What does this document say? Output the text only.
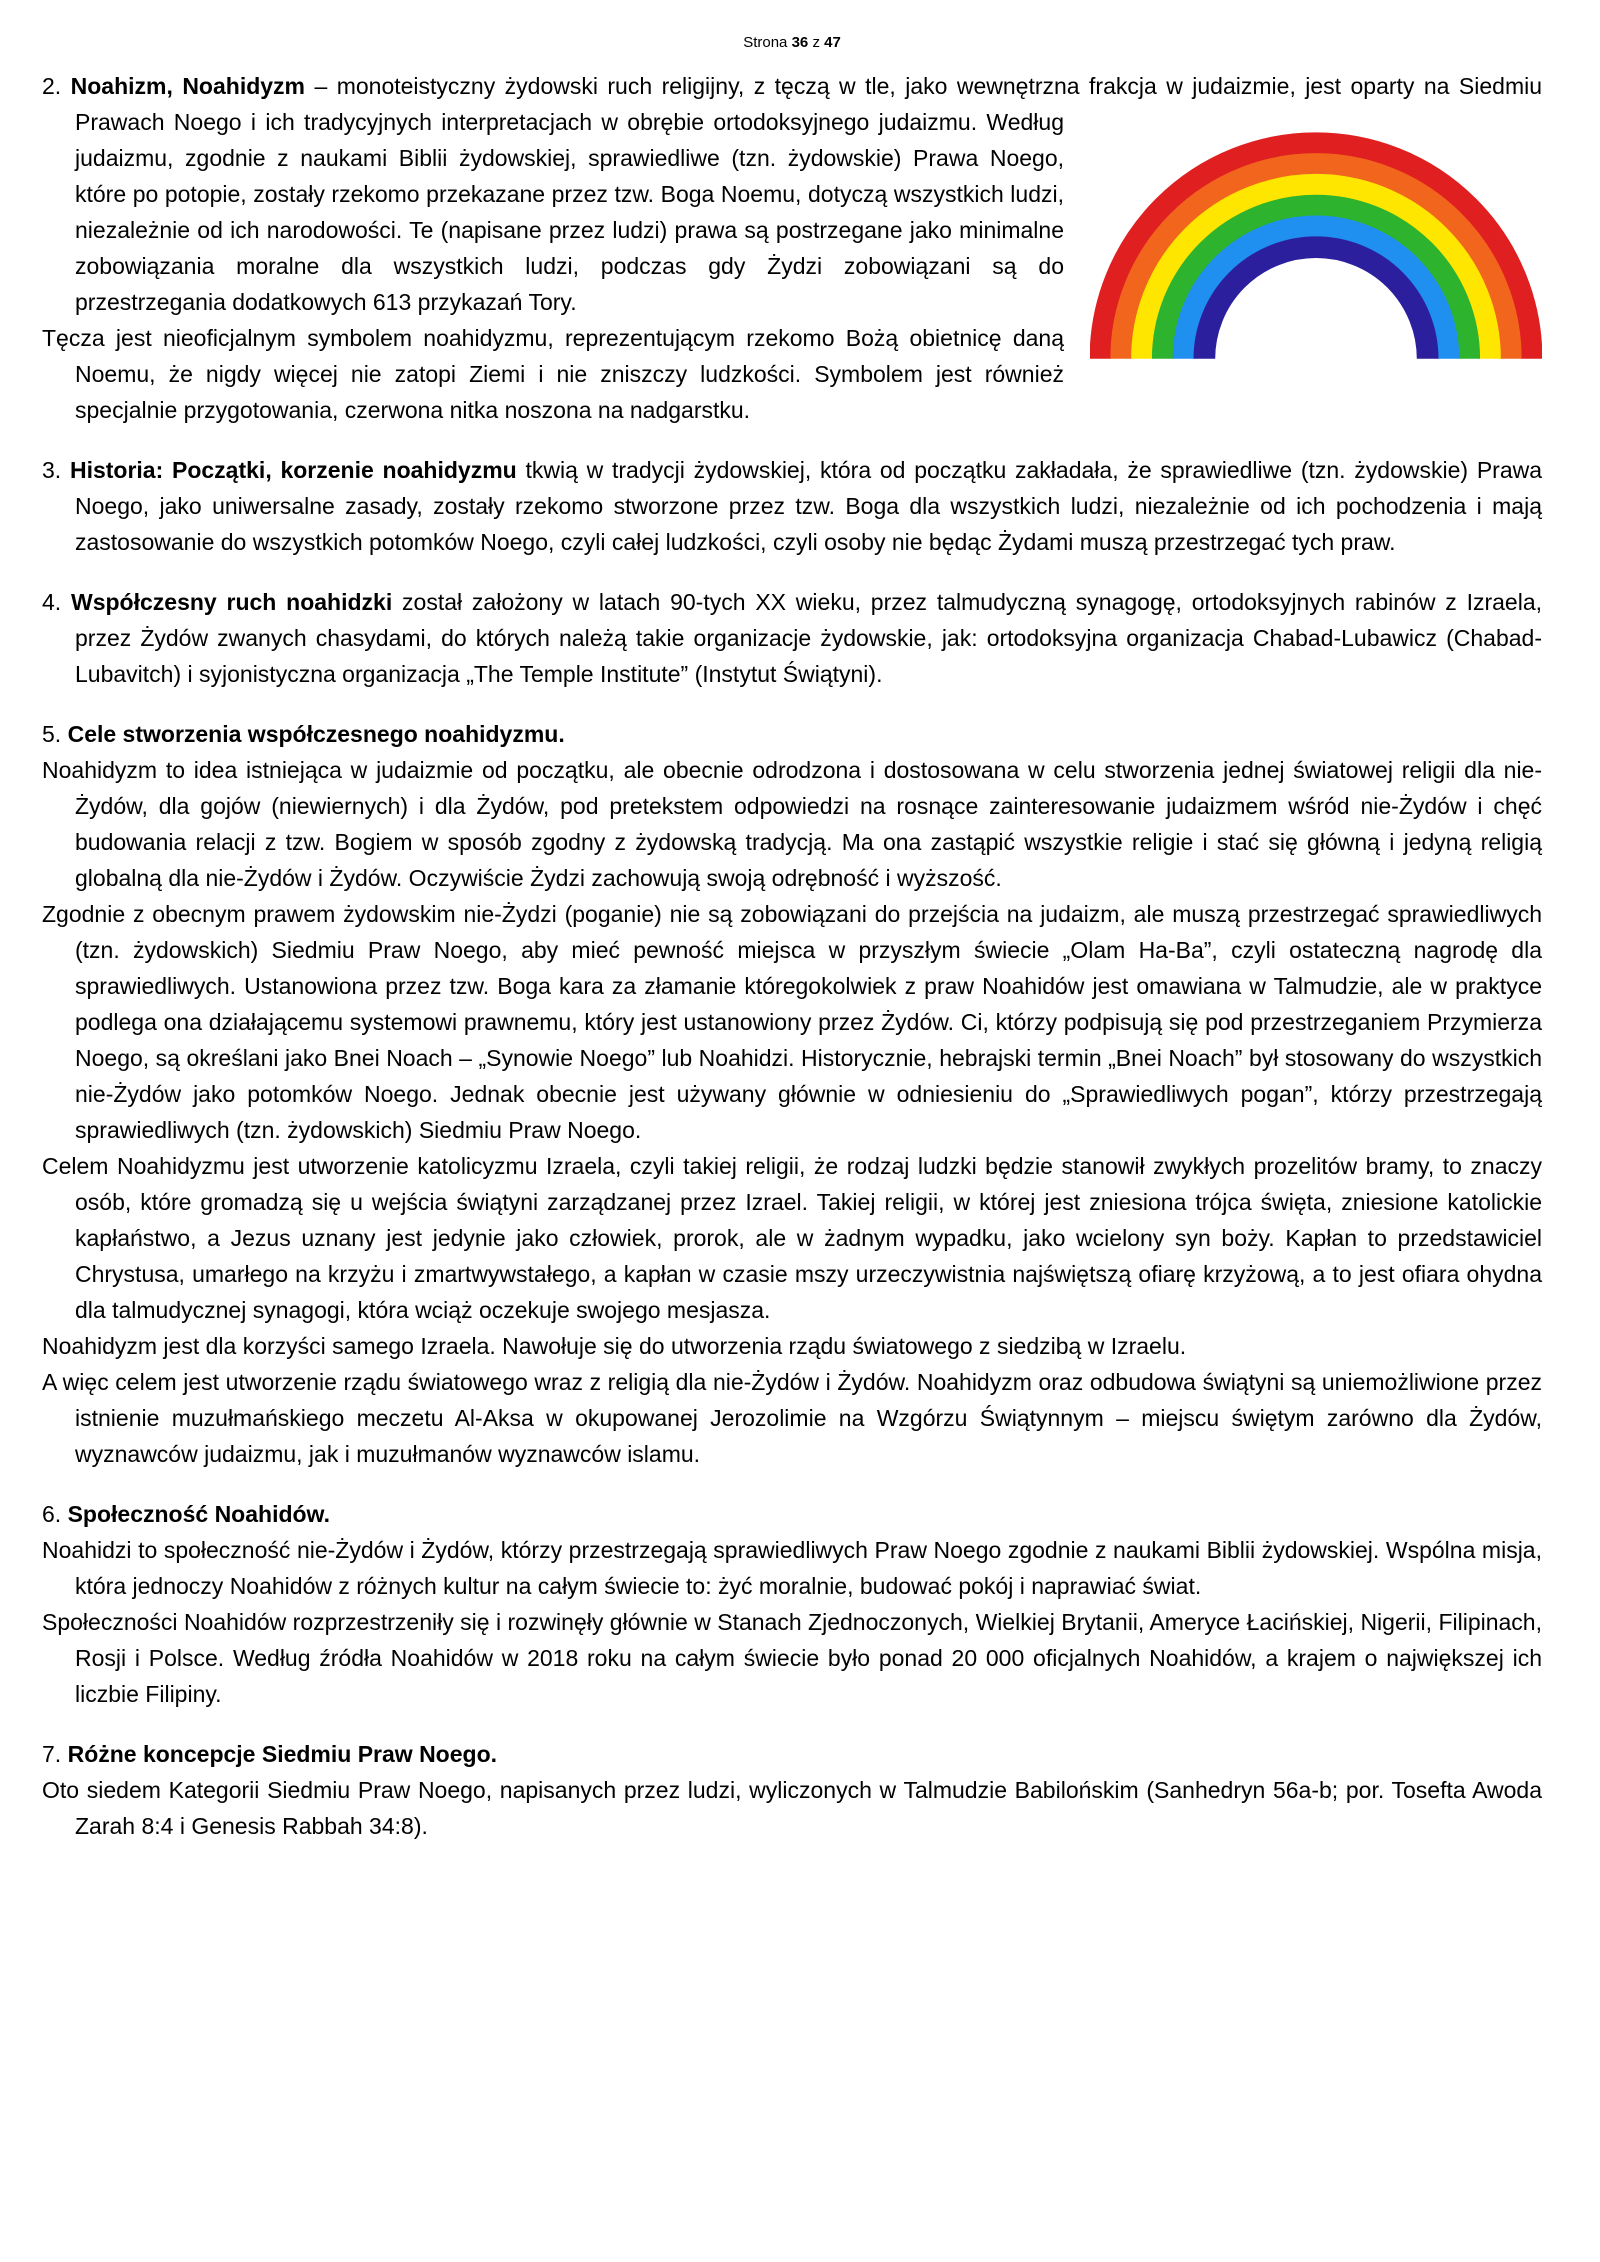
Strona 36 z 47
2. Noahizm, Noahidyzm – monoteistyczny żydowski ruch religijny, z tęczą w tle, jako wewnętrzna frakcja w judaizmie, jest oparty na Siedmiu Prawach Noego i ich tradycyjnych interpretacjach w obrębie ortodoksyjnego judaizmu. Według judaizmu, zgodnie z naukami Biblii żydowskiej, sprawiedliwe (tzn. żydowskie) Prawa Noego, które po potopie, zostały rzekomo przekazane przez tzw. Boga Noemu, dotyczą wszystkich ludzi, niezależnie od ich narodowości. Te (napisane przez ludzi) prawa są postrzegane jako minimalne zobowiązania moralne dla wszystkich ludzi, podczas gdy Żydzi zobowiązani są do przestrzegania dodatkowych 613 przykazań Tory.
Tęcza jest nieoficjalnym symbolem noahidyzmu, reprezentującym rzekomo Bożą obietnicę daną Noemu, że nigdy więcej nie zatopi Ziemi i nie zniszczy ludzkości. Symbolem jest również specjalnie przygotowania, czerwona nitka noszona na nadgarstku.
3. Historia: Początki, korzenie noahidyzmu tkwią w tradycji żydowskiej, która od początku zakładała, że sprawiedliwe (tzn. żydowskie) Prawa Noego, jako uniwersalne zasady, zostały rzekomo stworzone przez tzw. Boga dla wszystkich ludzi, niezależnie od ich pochodzenia i mają zastosowanie do wszystkich potomków Noego, czyli całej ludzkości, czyli osoby nie będąc Żydami muszą przestrzegać tych praw.
4. Współczesny ruch noahidzki został założony w latach 90-tych XX wieku, przez talmudyczną synagogę, ortodoksyjnych rabinów z Izraela, przez Żydów zwanych chasydami, do których należą takie organizacje żydowskie, jak: ortodoksyjna organizacja Chabad-Lubawicz (Chabad-Lubavitch) i syjonistyczna organizacja „The Temple Institute” (Instytut Świątyni).
5. Cele stworzenia współczesnego noahidyzmu.
Noahidyzm to idea istniejąca w judaizmie od początku, ale obecnie odrodzona i dostosowana w celu stworzenia jednej światowej religii dla nie-Żydów, dla gojów (niewiernych) i dla Żydów, pod pretekstem odpowiedzi na rosnące zainteresowanie judaizmem wśród nie-Żydów i chęć budowania relacji z tzw. Bogiem w sposób zgodny z żydowską tradycją. Ma ona zastąpić wszystkie religie i stać się główną i jedyną religią globalną dla nie-Żydów i Żydów. Oczywiście Żydzi zachowują swoją odrębność i wyższość.
Zgodnie z obecnym prawem żydowskim nie-Żydzi (poganie) nie są zobowiązani do przejścia na judaizm, ale muszą przestrzegać sprawiedliwych (tzn. żydowskich) Siedmiu Praw Noego, aby mieć pewność miejsca w przyszłym świecie „Olam Ha-Ba”, czyli ostateczną nagrodę dla sprawiedliwych. Ustanowiona przez tzw. Boga kara za złamanie któregokolwiek z praw Noahidów jest omawiana w Talmudzie, ale w praktyce podlega ona działającemu systemowi prawnemu, który jest ustanowiony przez Żydów. Ci, którzy podpisują się pod przestrzeganiem Przymierza Noego, są określani jako Bnei Noach – „Synowie Noego” lub Noahidzi. Historycznie, hebrajski termin „Bnei Noach” był stosowany do wszystkich nie-Żydów jako potomków Noego. Jednak obecnie jest używany głównie w odniesieniu do „Sprawiedliwych pogan”, którzy przestrzegają sprawiedliwych (tzn. żydowskich) Siedmiu Praw Noego.
Celem Noahidyzmu jest utworzenie katolicyzmu Izraela, czyli takiej religii, że rodzaj ludzki będzie stanowił zwykłych prozelitów bramy, to znaczy osób, które gromadzą się u wejścia świątyni zarządzanej przez Izrael. Takiej religii, w której jest zniesiona trójca święta, zniesione katolickie kapłaństwo, a Jezus uznany jest jedynie jako człowiek, prorok, ale w żadnym wypadku, jako wcielony syn boży. Kapłan to przedstawiciel Chrystusa, umarłego na krzyżu i zmartwywstałego, a kapłan w czasie mszy urzeczywistnia najświętszą ofiarę krzyżową, a to jest ofiara ohydna dla talmudycznej synagogi, która wciąż oczekuje swojego mesjasza.
Noahidyzm jest dla korzyści samego Izraela. Nawołuje się do utworzenia rządu światowego z siedzibą w Izraelu.
A więc celem jest utworzenie rządu światowego wraz z religią dla nie-Żydów i Żydów. Noahidyzm oraz odbudowa świątyni są uniemożliwione przez istnienie muzułmańskiego meczetu Al-Aksa w okupowanej Jerozolimie na Wzgórzu Świątynnym – miejscu świętym zarówno dla Żydów, wyznawców judaizmu, jak i muzułmanów wyznawców islamu.
6. Społeczność Noahidów.
Noahidzi to społeczność nie-Żydów i Żydów, którzy przestrzegają sprawiedliwych Praw Noego zgodnie z naukami Biblii żydowskiej. Wspólna misja, która jednoczy Noahidów z różnych kultur na całym świecie to: żyć moralnie, budować pokój i naprawiać świat.
Społeczności Noahidów rozprzestrzeniły się i rozwinęły głównie w Stanach Zjednoczonych, Wielkiej Brytanii, Ameryce Łacińskiej, Nigerii, Filipinach, Rosji i Polsce. Według źródła Noahidów w 2018 roku na całym świecie było ponad 20 000 oficjalnych Noahidów, a krajem o największej ich liczbie Filipiny.
7. Różne koncepcje Siedmiu Praw Noego.
Oto siedem Kategorii Siedmiu Praw Noego, napisanych przez ludzi, wyliczonych w Talmudzie Babilońskim (Sanhedryn 56a-b; por. Tosefta Awoda Zarah 8:4 i Genesis Rabbah 34:8).
